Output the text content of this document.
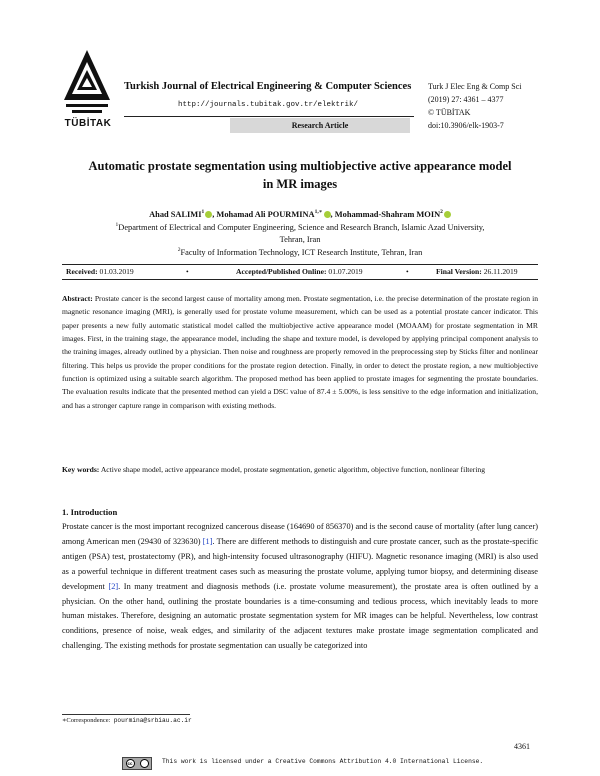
TÜBİTAK
Turkish Journal of Electrical Engineering & Computer Sciences
http://journals.tubitak.gov.tr/elektrik/
Research Article
Turk J Elec Eng & Comp Sci
(2019) 27: 4361 – 4377
© TÜBİTAK
doi:10.3906/elk-1903-7
Automatic prostate segmentation using multiobjective active appearance model
in MR images
Ahad SALIMI$^1$ , Mohamad Ali $POURMINA^{1,∗}$ , Mohammad-Shahram MOIN$^2$
$^1$Department of Electrical and Computer Engineering, Science and Research Branch, Islamic Azad University,
Tehran, Iran
$^2$Faculty of Information Technology, ICT Research Institute, Tehran, Iran
Received: 01.03.2019	•	Accepted/Published Online: 01.07.2019	•	Final Version: 26.11.2019
Abstract: Prostate cancer is the second largest cause of mortality among men. Prostate segmentation, i.e. the precise determination of the prostate region in magnetic resonance imaging (MRI), is generally used for prostate volume measurement, which can be used as a potential prostate cancer indicator. This paper presents a new fully automatic statistical model called the multiobjective active appearance model (MOAAM) for prostate segmentation in MR images. First, in the training stage, the appearance model, including the shape and texture model, is developed by applying principal component analysis to the training images, already outlined by a physician. Then noise and roughness are properly removed in the preprocessing step by Sticks filter and nonlinear filtering. This helps us provide the proper conditions for the prostate region detection. Finally, in order to detect the prostate region, a new multiobjective function is optimized using a suitable search algorithm. The proposed method has been applied to prostate images for segmenting the prostate boundaries. The evaluation results indicate that the presented method can yield a DSC value of 87.4 ± 5.00%, is less sensitive to the edge information and initialization, and has a stronger capture range in comparison with existing methods.
Key words: Active shape model, active appearance model, prostate segmentation, genetic algorithm, objective function, nonlinear filtering
1. Introduction
Prostate cancer is the most important recognized cancerous disease (164690 of 856370) and is the second cause of mortality (after lung cancer) among American men (29430 of 323630) [1]. There are different methods to distinguish and cure prostate cancer, such as the prostate-specific antigen (PSA) test, prostatectomy (PR), and high-intensity focused ultrasonography (HIFU). Magnetic resonance imaging (MRI) is also used as a powerful technique in different treatment cases such as measuring the prostate volume, applying tumor biopsy, and determining disease development [2]. In many treatment and diagnosis methods (i.e. prostate volume measurement), the prostate area is often outlined by a physician. On the other hand, outlining the prostate boundaries is a time-consuming and tedious process, which inevitably leads to more human mistakes. Therefore, designing an automatic prostate segmentation system for MR images can be helpful. Nevertheless, low contrast conditions, presence of noise, weak edges, and similarity of the adjacent textures make prostate image segmentation complicated and challenging. The existing methods for prostate segmentation can usually be categorized into
∗Correspondence: pourmina@srbiau.ac.ir
4361
cc	This work is licensed under a Creative Commons Attribution 4.0 International License.
